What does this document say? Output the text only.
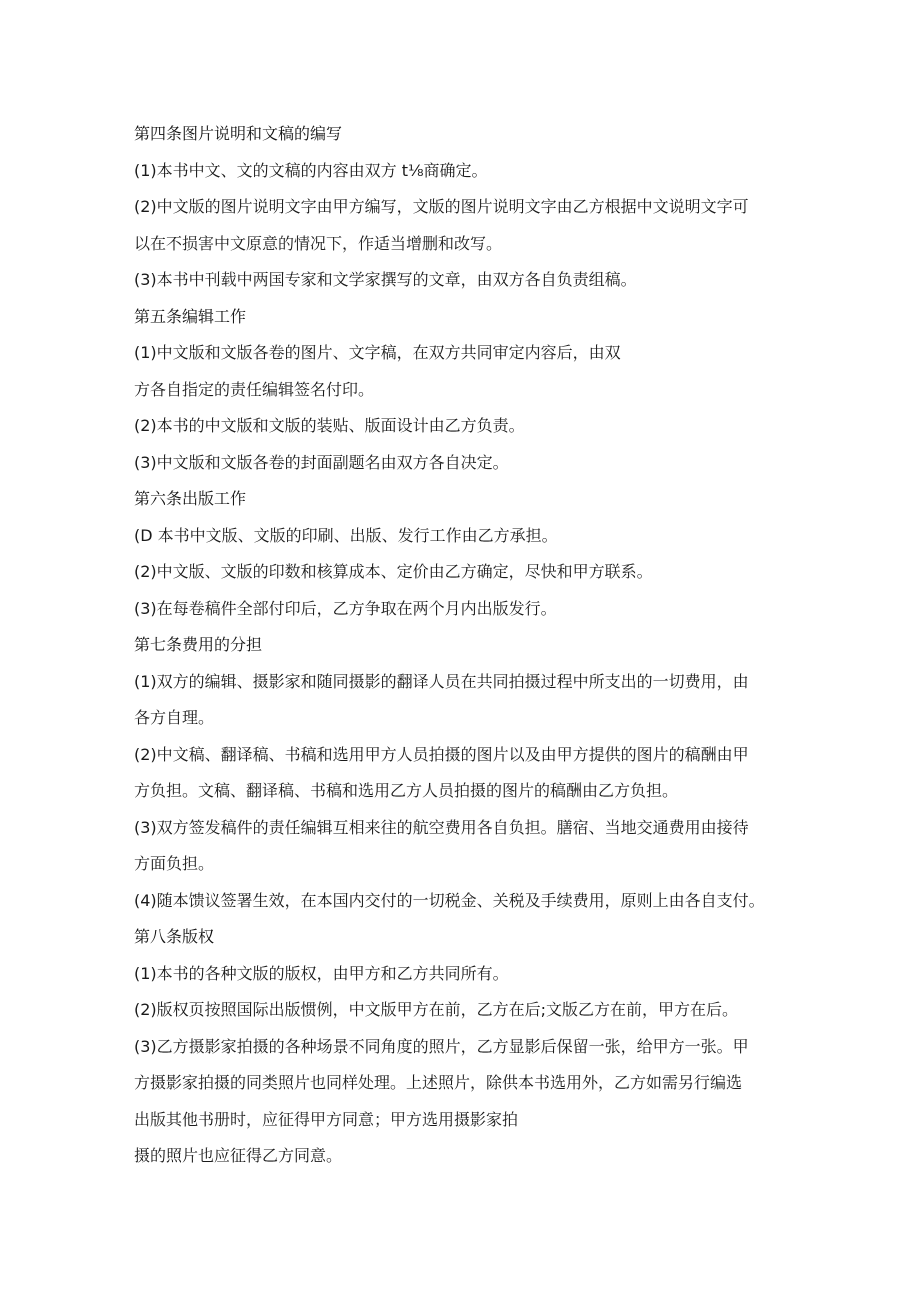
第四条图片说明和文稿的编写
(1)本书中文、文的文稿的内容由双方 t⅛商确定。
(2)中文版的图片说明文字由甲方编写，文版的图片说明文字由乙方根据中文说明文字可
以在不损害中文原意的情况下，作适当增删和改写。
(3)本书中刊载中两国专家和文学家撰写的文章，由双方各自负责组稿。
第五条编辑工作
(1)中文版和文版各卷的图片、文字稿，在双方共同审定内容后，由双
方各自指定的责任编辑签名付印。
(2)本书的中文版和文版的装贴、版面设计由乙方负责。
(3)中文版和文版各卷的封面副题名由双方各自决定。
第六条出版工作
(D 本书中文版、文版的印刷、出版、发行工作由乙方承担。
(2)中文版、文版的印数和核算成本、定价由乙方确定，尽快和甲方联系。
(3)在每卷稿件全部付印后，乙方争取在两个月内出版发行。
第七条费用的分担
(1)双方的编辑、摄影家和随同摄影的翻译人员在共同拍摄过程中所支出的一切费用，由
各方自理。
(2)中文稿、翻译稿、书稿和选用甲方人员拍摄的图片以及由甲方提供的图片的稿酬由甲
方负担。文稿、翻译稿、书稿和选用乙方人员拍摄的图片的稿酬由乙方负担。
(3)双方签发稿件的责任编辑互相来往的航空费用各自负担。膳宿、当地交通费用由接待
方面负担。
(4)随本馈议签署生效，在本国内交付的一切税金、关税及手续费用，原则上由各自支付。
第八条版权
(1)本书的各种文版的版权，由甲方和乙方共同所有。
(2)版权页按照国际出版惯例，中文版甲方在前，乙方在后;文版乙方在前，甲方在后。
(3)乙方摄影家拍摄的各种场景不同角度的照片，乙方显影后保留一张，给甲方一张。甲
方摄影家拍摄的同类照片也同样处理。上述照片，除供本书选用外，乙方如需另行编选
出版其他书册时，应征得甲方同意；甲方选用摄影家拍
摄的照片也应征得乙方同意。
